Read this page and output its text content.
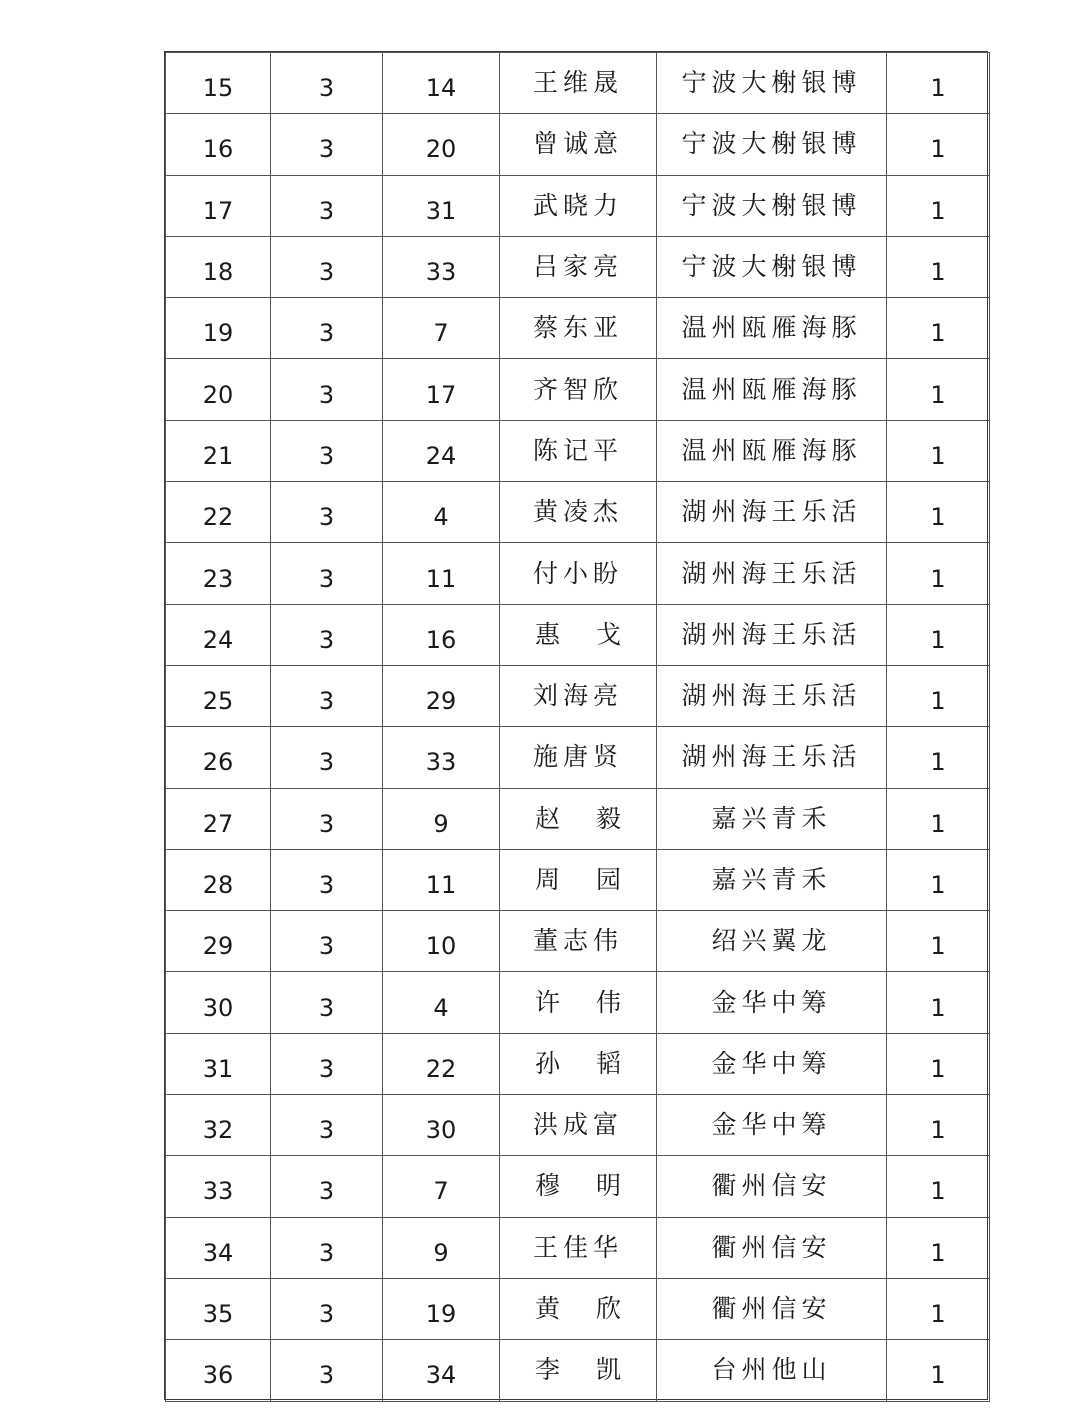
15	3	14	王维晟	宁波大榭银博	1
16	3	20	曾诚意	宁波大榭银博	1
17	3	31	武晓力	宁波大榭银博	1
18	3	33	吕家亮	宁波大榭银博	1
19	3	7	蔡东亚	温州瓯雁海豚	1
20	3	17	齐智欣	温州瓯雁海豚	1
21	3	24	陈记平	温州瓯雁海豚	1
22	3	4	黄凌杰	湖州海王乐活	1
23	3	11	付小盼	湖州海王乐活	1
24	3	16	惠 戈	湖州海王乐活	1
25	3	29	刘海亮	湖州海王乐活	1
26	3	33	施唐贤	湖州海王乐活	1
27	3	9	赵 毅	嘉兴青禾	1
28	3	11	周 园	嘉兴青禾	1
29	3	10	董志伟	绍兴翼龙	1
30	3	4	许 伟	金华中筹	1
31	3	22	孙 韬	金华中筹	1
32	3	30	洪成富	金华中筹	1
33	3	7	穆 明	衢州信安	1
34	3	9	王佳华	衢州信安	1
35	3	19	黄 欣	衢州信安	1
36	3	34	李 凯	台州他山	1
